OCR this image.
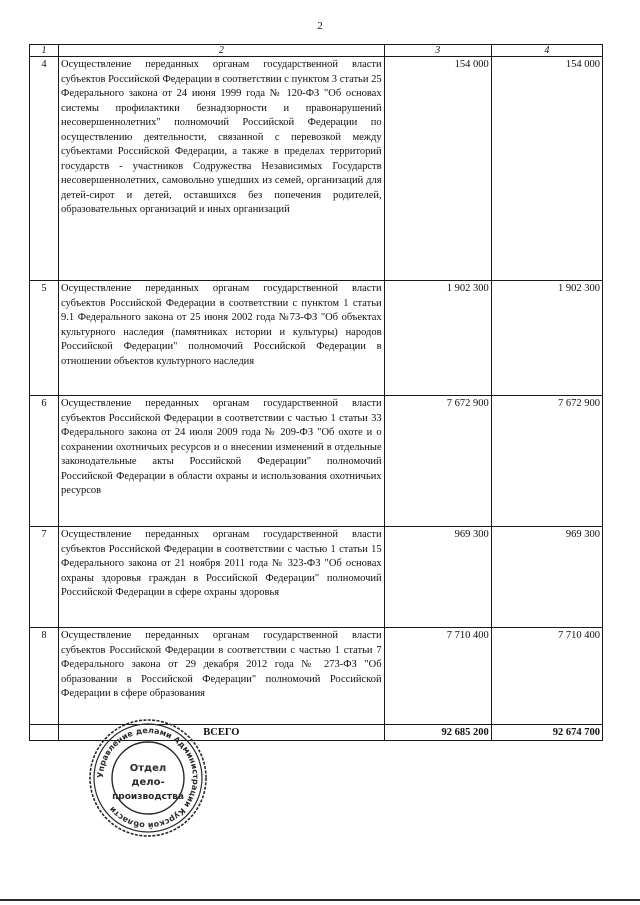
2
1	2	3	4
4	Осуществление переданных органам государственной власти субъектов Российской Федерации в соответствии с пунктом 3 статьи 25 Федерального закона от 24 июня 1999 года № 120-ФЗ "Об основах системы профилактики безнадзорности и правонарушений несовершеннолетних" полномочий Российской Федерации по осуществлению деятельности, связанной с перевозкой между субъектами Российской Федерации, а также в пределах территорий государств - участников Содружества Независимых Государств несовершеннолетних, самовольно ушедших из семей, организаций для детей-сирот и детей, оставшихся без попечения родителей, образовательных организаций и иных организаций	154 000	154 000
5	Осуществление переданных органам государственной власти субъектов Российской Федерации в соответствии с пунктом 1 статьи 9.1 Федерального закона от 25 июня 2002 года №73-ФЗ "Об объектах культурного наследия (памятниках истории и культуры) народов Российской Федерации" полномочий Российской Федерации в отношении объектов культурного наследия	1 902 300	1 902 300
6	Осуществление переданных органам государственной власти субъектов Российской Федерации в соответствии с частью 1 статьи 33 Федерального закона от 24 июля 2009 года № 209-ФЗ "Об охоте и о сохранении охотничьих ресурсов и о внесении изменений в отдельные законодательные акты Российской Федерации" полномочий Российской Федерации в области охраны и использования охотничьих ресурсов	7 672 900	7 672 900
7	Осуществление переданных органам государственной власти субъектов Российской Федерации в соответствии с частью 1 статьи 15 Федерального закона от 21 ноября 2011 года № 323-ФЗ "Об основах охраны здоровья граждан в Российской Федерации" полномочий Российской Федерации в сфере охраны здоровья	969 300	969 300
8	Осуществление переданных органам государственной власти субъектов Российской Федерации в соответствии с частью 1 статьи 7 Федерального закона от 29 декабря 2012 года № 273-ФЗ "Об образовании в Российской Федерации" полномочий Российской Федерации в сфере образования	7 710 400	7 710 400
	ВСЕГО	92 685 200	92 674 700
Управление делами Администрации Курской области
Отдел
дело-
производства
